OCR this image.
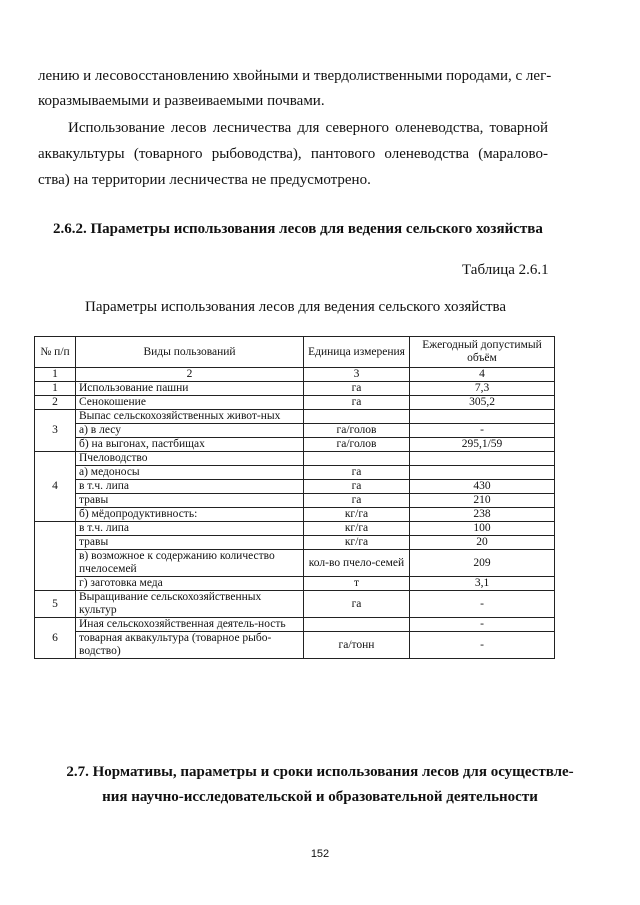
лению и лесовосстановлению хвойными и твердолиственными породами, с лег-
коразмываемыми и развеиваемыми почвами.
Использование лесов лесничества для северного оленеводства, товарной
аквакультуры (товарного рыбоводства), пантового оленеводства (маралово-
ства) на территории лесничества не предусмотрено.
2.6.2. Параметры использования лесов для ведения сельского хозяйства
Таблица 2.6.1
Параметры использования лесов для ведения сельского хозяйства
№ п/п	Виды пользований	Единица измерения	Ежегодный допустимый объём
1	2	3	4
1	Использование пашни	га	7,3
2	Сенокошение	га	305,2
3	Выпас сельскохозяйственных живот-ных		
	а) в лесу	га/голов	-
	б) на выгонах, пастбищах	га/голов	295,1/59
4	Пчеловодство		
	а) медоносы	га	
	в т.ч. липа	га	430
	травы	га	210
	б) мёдопродуктивность:	кг/га	238
	в т.ч. липа	кг/га	100
	травы	кг/га	20
	в) возможное к содержанию количество пчелосемей	кол-во пчело-семей	209
	г) заготовка меда	т	3,1
5	Выращивание сельскохозяйственных культур	га	-
6	Иная сельскохозяйственная деятель-ность		-
	товарная аквакультура (товарное рыбо-водство)	га/тонн	-
2.7. Нормативы, параметры и сроки использования лесов для осуществле-
ния научно-исследовательской и образовательной деятельности
152
